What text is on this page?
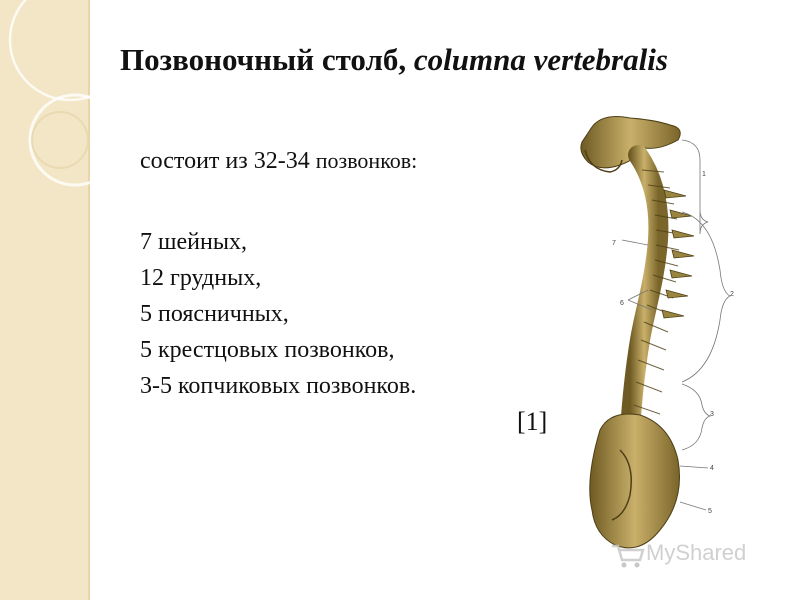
Позвоночный столб, columna vertebralis
состоит из 32-34 позвонков:
7 шейных,
12 грудных,
5 поясничных,
5 крестцовых позвонков,
3-5 копчиковых позвонков.
[1]
1
7
6
2
3
4
5
MyShared
